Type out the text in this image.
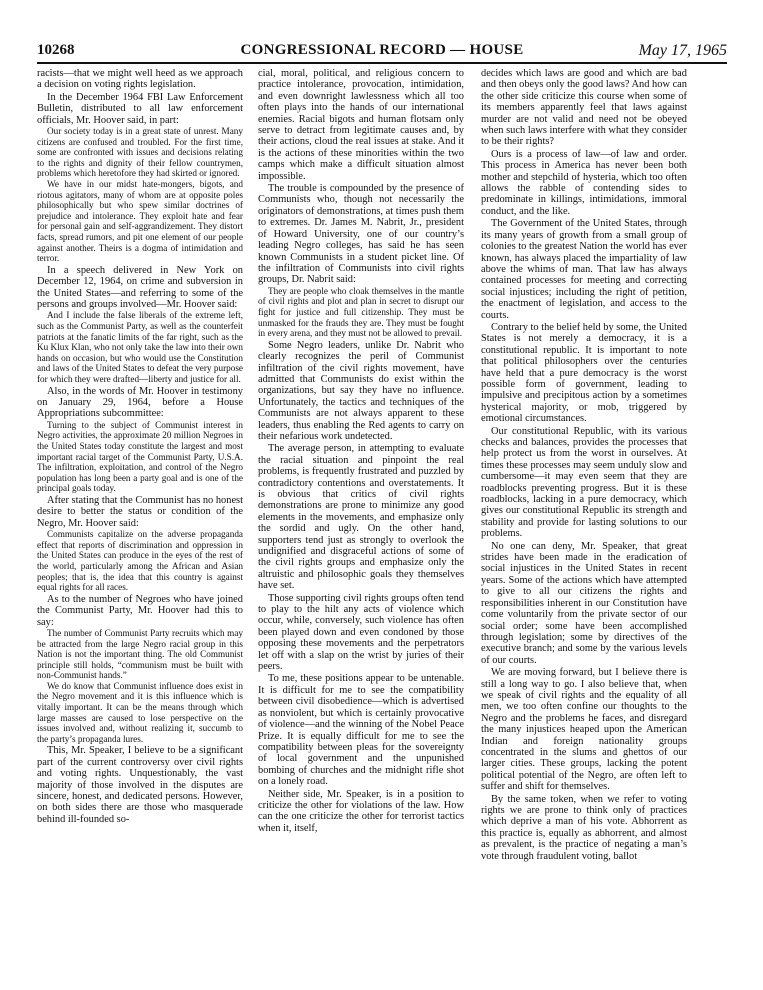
10268	CONGRESSIONAL RECORD — HOUSE	May 17, 1965

racists—that we might well heed as we approach a decision on voting rights legislation.

In the December 1964 FBI Law Enforcement Bulletin, distributed to all law enforcement officials, Mr. Hoover said, in part:

Our society today is in a great state of unrest. Many citizens are confused and troubled. For the first time, some are confronted with issues and decisions relating to the rights and dignity of their fellow countrymen, problems which heretofore they had skirted or ignored.

We have in our midst hate-mongers, bigots, and riotous agitators, many of whom are at opposite poles philosophically but who spew similar doctrines of prejudice and intolerance. They exploit hate and fear for personal gain and self-aggrandizement. They distort facts, spread rumors, and pit one element of our people against another. Theirs is a dogma of intimidation and terror.

In a speech delivered in New York on December 12, 1964, on crime and subversion in the United States—and referring to some of the persons and groups involved—Mr. Hoover said:

And I include the false liberals of the extreme left, such as the Communist Party, as well as the counterfeit patriots at the fanatic limits of the far right, such as the Ku Klux Klan, who not only take the law into their own hands on occasion, but who would use the Constitution and laws of the United States to defeat the very purpose for which they were drafted—liberty and justice for all.

Also, in the words of Mr. Hoover in testimony on January 29, 1964, before a House Appropriations subcommittee:

Turning to the subject of Communist interest in Negro activities, the approximate 20 million Negroes in the United States today constitute the largest and most important racial target of the Communist Party, U.S.A. The infiltration, exploitation, and control of the Negro population has long been a party goal and is one of the principal goals today.

After stating that the Communist has no honest desire to better the status or condition of the Negro, Mr. Hoover said:

Communists capitalize on the adverse propaganda effect that reports of discrimination and oppression in the United States can produce in the eyes of the rest of the world, particularly among the African and Asian peoples; that is, the idea that this country is against equal rights for all races.

As to the number of Negroes who have joined the Communist Party, Mr. Hoover had this to say:

The number of Communist Party recruits which may be attracted from the large Negro racial group in this Nation is not the important thing. The old Communist principle still holds, “communism must be built with non-Communist hands.”

We do know that Communist influence does exist in the Negro movement and it is this influence which is vitally important. It can be the means through which large masses are caused to lose perspective on the issues involved and, without realizing it, succumb to the party’s propaganda lures.

This, Mr. Speaker, I believe to be a significant part of the current controversy over civil rights and voting rights. Unquestionably, the vast majority of those involved in the disputes are sincere, honest, and dedicated persons. However, on both sides there are those who masquerade behind ill-founded so-

cial, moral, political, and religious concern to practice intolerance, provocation, intimidation, and even downright lawlessness which all too often plays into the hands of our international enemies. Racial bigots and human flotsam only serve to detract from legitimate causes and, by their actions, cloud the real issues at stake. And it is the actions of these minorities within the two camps which make a difficult situation almost impossible.

The trouble is compounded by the presence of Communists who, though not necessarily the originators of demonstrations, at times push them to extremes. Dr. James M. Nabrit, Jr., president of Howard University, one of our country’s leading Negro colleges, has said he has seen known Communists in a student picket line. Of the infiltration of Communists into civil rights groups, Dr. Nabrit said:

They are people who cloak themselves in the mantle of civil rights and plot and plan in secret to disrupt our fight for justice and full citizenship. They must be unmasked for the frauds they are. They must be fought in every arena, and they must not be allowed to prevail.

Some Negro leaders, unlike Dr. Nabrit who clearly recognizes the peril of Communist infiltration of the civil rights movement, have admitted that Communists do exist within the organizations, but say they have no influence. Unfortunately, the tactics and techniques of the Communists are not always apparent to these leaders, thus enabling the Red agents to carry on their nefarious work undetected.

The average person, in attempting to evaluate the racial situation and pinpoint the real problems, is frequently frustrated and puzzled by contradictory contentions and overstatements. It is obvious that critics of civil rights demonstrations are prone to minimize any good elements in the movements, and emphasize only the sordid and ugly. On the other hand, supporters tend just as strongly to overlook the undignified and disgraceful actions of some of the civil rights groups and emphasize only the altruistic and philosophic goals they themselves have set.

Those supporting civil rights groups often tend to play to the hilt any acts of violence which occur, while, conversely, such violence has often been played down and even condoned by those opposing these movements and the perpetrators let off with a slap on the wrist by juries of their peers.

To me, these positions appear to be untenable. It is difficult for me to see the compatibility between civil disobedience—which is advertised as nonviolent, but which is certainly provocative of violence—and the winning of the Nobel Peace Prize. It is equally difficult for me to see the compatibility between pleas for the sovereignty of local government and the unpunished bombing of churches and the midnight rifle shot on a lonely road.

Neither side, Mr. Speaker, is in a position to criticize the other for violations of the law. How can the one criticize the other for terrorist tactics when it, itself,

decides which laws are good and which are bad and then obeys only the good laws? And how can the other side criticize this course when some of its members apparently feel that laws against murder are not valid and need not be obeyed when such laws interfere with what they consider to be their rights?

Ours is a process of law—of law and order. This process in America has never been both mother and stepchild of hysteria, which too often allows the rabble of contending sides to predominate in killings, intimidations, immoral conduct, and the like.

The Government of the United States, through its many years of growth from a small group of colonies to the greatest Nation the world has ever known, has always placed the impartiality of law above the whims of man. That law has always contained processes for meeting and correcting social injustices; including the right of petition, the enactment of legislation, and access to the courts.

Contrary to the belief held by some, the United States is not merely a democracy, it is a constitutional republic. It is important to note that political philosophers over the centuries have held that a pure democracy is the worst possible form of government, leading to impulsive and precipitous action by a sometimes hysterical majority, or mob, triggered by emotional circumstances.

Our constitutional Republic, with its various checks and balances, provides the processes that help protect us from the worst in ourselves. At times these processes may seem unduly slow and cumbersome—it may even seem that they are roadblocks preventing progress. But it is these roadblocks, lacking in a pure democracy, which gives our constitutional Republic its strength and stability and provide for lasting solutions to our problems.

No one can deny, Mr. Speaker, that great strides have been made in the eradication of social injustices in the United States in recent years. Some of the actions which have attempted to give to all our citizens the rights and responsibilities inherent in our Constitution have come voluntarily from the private sector of our social order; some have been accomplished through legislation; some by directives of the executive branch; and some by the various levels of our courts.

We are moving forward, but I believe there is still a long way to go. I also believe that, when we speak of civil rights and the equality of all men, we too often confine our thoughts to the Negro and the problems he faces, and disregard the many injustices heaped upon the American Indian and foreign nationality groups concentrated in the slums and ghettos of our larger cities. These groups, lacking the potent political potential of the Negro, are often left to suffer and shift for themselves.

By the same token, when we refer to voting rights we are prone to think only of practices which deprive a man of his vote. Abhorrent as this practice is, equally as abhorrent, and almost as prevalent, is the practice of negating a man’s vote through fraudulent voting, ballot
